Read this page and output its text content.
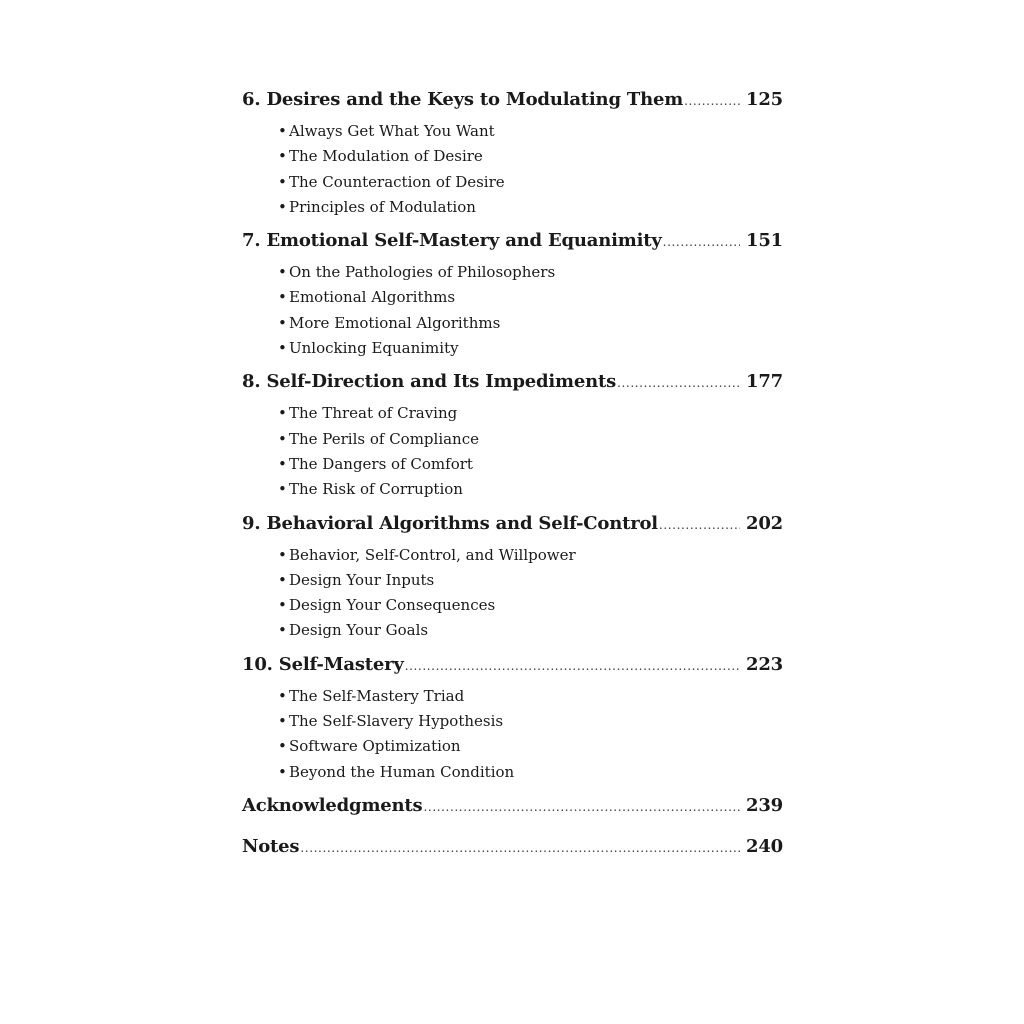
6. Desires and the Keys to Modulating Them .....	125
• Always Get What You Want
• The Modulation of Desire
• The Counteraction of Desire
• Principles of Modulation
7. Emotional Self-Mastery and Equanimity .....	151
• On the Pathologies of Philosophers
• Emotional Algorithms
• More Emotional Algorithms
• Unlocking Equanimity
8. Self-Direction and Its Impediments .....	177
• The Threat of Craving
• The Perils of Compliance
• The Dangers of Comfort
• The Risk of Corruption
9. Behavioral Algorithms and Self-Control .....	202
• Behavior, Self-Control, and Willpower
• Design Your Inputs
• Design Your Consequences
• Design Your Goals
10. Self-Mastery .....	223
• The Self-Mastery Triad
• The Self-Slavery Hypothesis
• Software Optimization
• Beyond the Human Condition
Acknowledgments .....	239
Notes .....	240
